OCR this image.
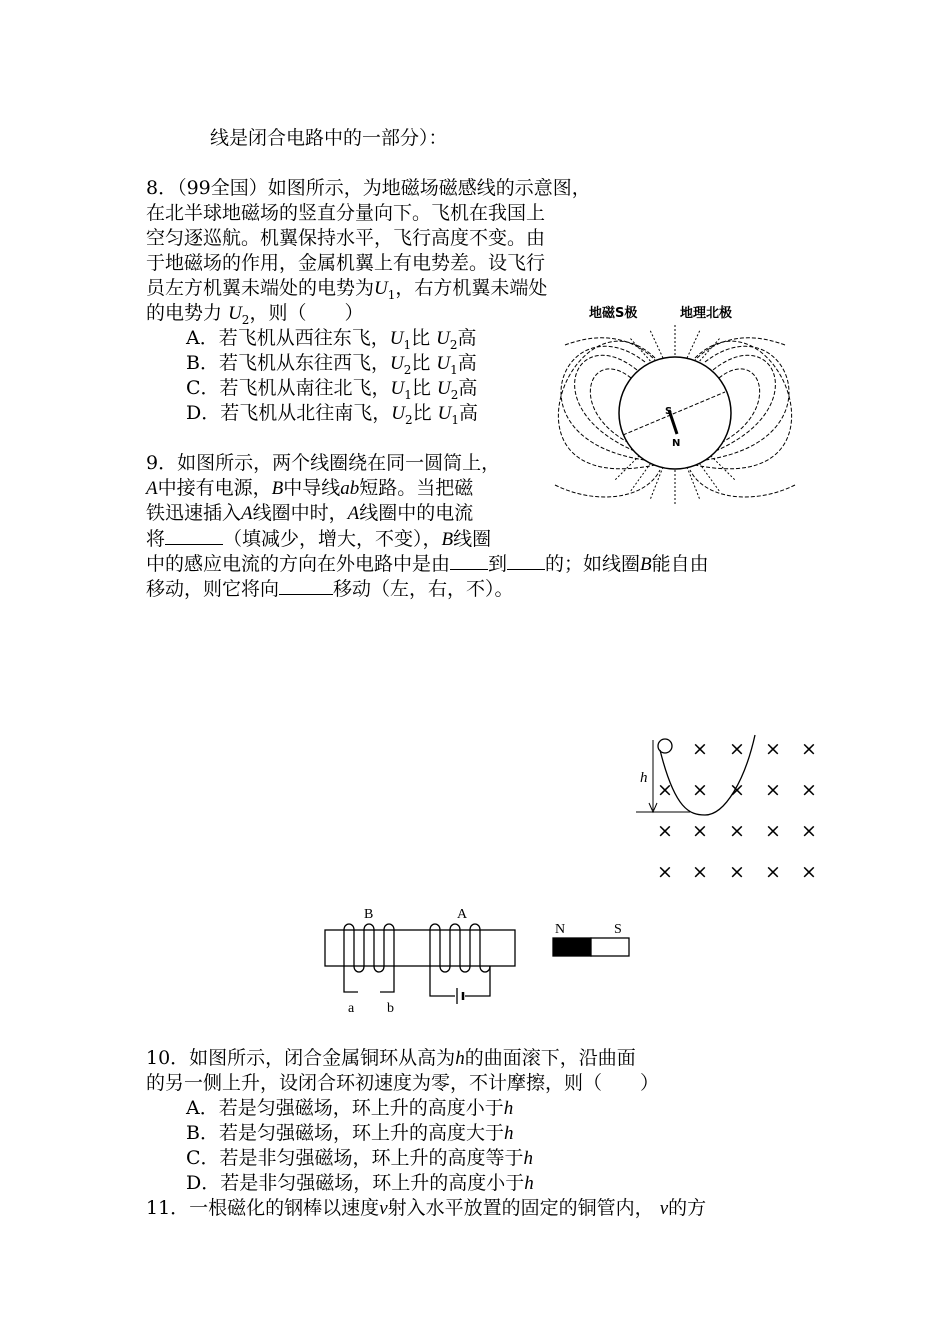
线是闭合电路中的一部分）：
8．（99全国）如图所示，为地磁场磁感线的示意图，
在北半球地磁场的竖直分量向下。飞机在我国上
空匀逐巡航。机翼保持水平，飞行高度不变。由
于地磁场的作用，金属机翼上有电势差。设飞行
员左方机翼未端处的电势为$U_1$，右方机翼未端处
的电势力 $U_2$，则（　　）
A．若飞机从西往东飞，$U_1$比 $U_2$高
B．若飞机从东往西飞，$U_2$比 $U_1$高
C．若飞机从南往北飞，$U_1$比 $U_2$高
D．若飞机从北往南飞，$U_2$比 $U_1$高
地磁S极	地理北极
S
N
9．如图所示，两个线圈绕在同一圆筒上，
A中接有电源，B中导线ab短路。当把磁
铁迅速插入A线圈中时，A线圈中的电流
将	（填减少，增大，不变），B线圈
中的感应电流的方向在外电路中是由 到 的；如线圈B能自由
移动，则它将向	移动（左，右，不）。
× × × ×
× × × × ×
× × × × ×
× × × × ×
h
B	A
a b
N	S
10．如图所示，闭合金属铜环从高为h的曲面滚下，沿曲面
的另一侧上升，设闭合环初速度为零，不计摩擦，则（　　）
A．若是匀强磁场，环上升的高度小于h
B．若是匀强磁场，环上升的高度大于h
C．若是非匀强磁场，环上升的高度等于h
D．若是非匀强磁场，环上升的高度小于h
11．一根磁化的钢棒以速度v射入水平放置的固定的铜管内， v的方
